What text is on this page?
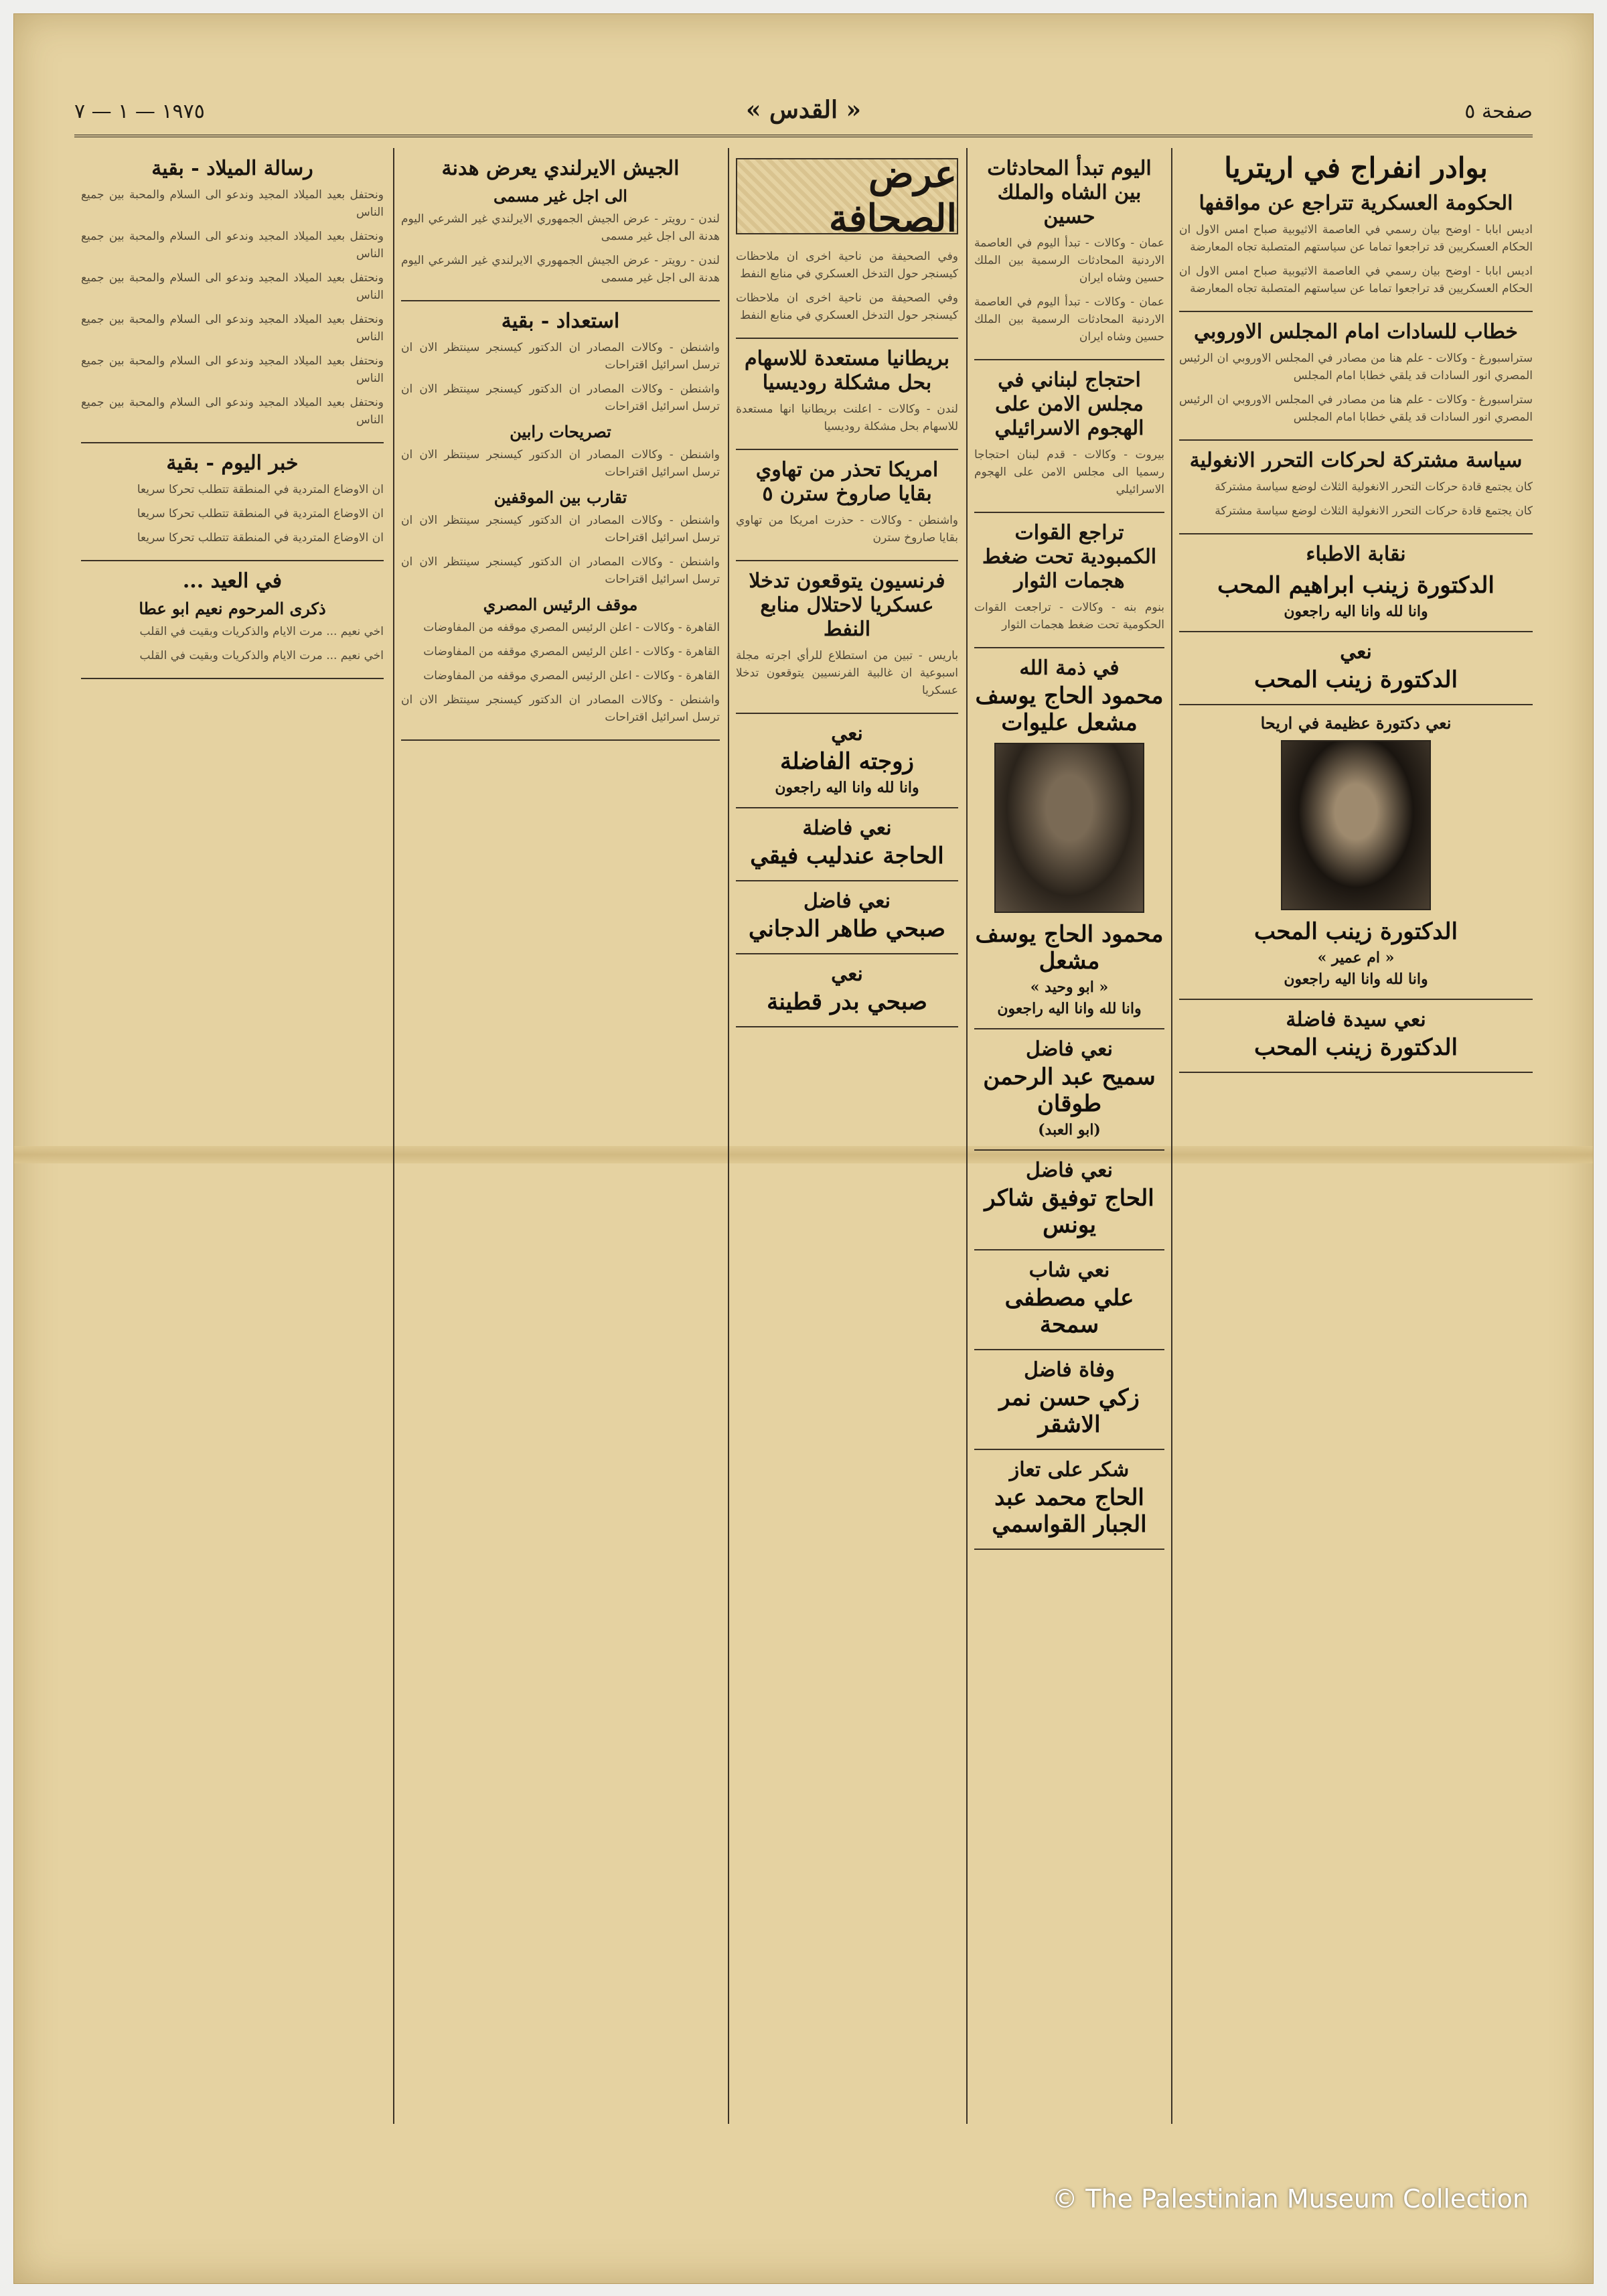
صفحة ٥
« القدس »
١٩٧٥ — ١ — ٧
بوادر انفراج في اريتريا
الحكومة العسكرية تتراجع عن مواقفها

اديس ابابا - اوضح بيان رسمي في العاصمة الاثيوبية صباح امس الاول ان الحكام العسكريين قد تراجعوا تماما عن سياستهم المتصلبة تجاه المعارضة

اديس ابابا - اوضح بيان رسمي في العاصمة الاثيوبية صباح امس الاول ان الحكام العسكريين قد تراجعوا تماما عن سياستهم المتصلبة تجاه المعارضة

خطاب للسادات امام المجلس الاوروبي

ستراسبورغ - وكالات - علم هنا من مصادر في المجلس الاوروبي ان الرئيس المصري انور السادات قد يلقي خطابا امام المجلس

ستراسبورغ - وكالات - علم هنا من مصادر في المجلس الاوروبي ان الرئيس المصري انور السادات قد يلقي خطابا امام المجلس

سياسة مشتركة لحركات التحرر الانغولية

كان يجتمع قادة حركات التحرر الانغولية الثلاث لوضع سياسة مشتركة

كان يجتمع قادة حركات التحرر الانغولية الثلاث لوضع سياسة مشتركة

نقابة الاطباء
الدكتورة زينب ابراهيم المحب
وانا لله وانا اليه راجعون
نعي
الدكتورة زينب المحب
نعي دكتورة عظيمة في اريحا
الدكتورة زينب المحب
« ام عمير »
وانا لله وانا اليه راجعون
نعي سيدة فاضلة
الدكتورة زينب المحب
اليوم تبدأ المحادثات بين الشاه والملك حسين

عمان - وكالات - تبدأ اليوم في العاصمة الاردنية المحادثات الرسمية بين الملك حسين وشاه ايران

عمان - وكالات - تبدأ اليوم في العاصمة الاردنية المحادثات الرسمية بين الملك حسين وشاه ايران

احتجاج لبناني في مجلس الامن على الهجوم الاسرائيلي

بيروت - وكالات - قدم لبنان احتجاجا رسميا الى مجلس الامن على الهجوم الاسرائيلي

تراجع القوات الكمبودية تحت ضغط هجمات الثوار

بنوم بنه - وكالات - تراجعت القوات الحكومية تحت ضغط هجمات الثوار

في ذمة الله
محمود الحاج يوسف مشعل عليوات
محمود الحاج يوسف مشعل
« ابو وحيد »
وانا لله وانا اليه راجعون
نعي فاضل
سميح عبد الرحمن طوقان
(ابو العبد)
نعي فاضل
الحاج توفيق شاكر يونس
نعي شاب
علي مصطفى سمحة
وفاة فاضل
زكي حسن نمر الاشقر
شكر على تعاز
الحاج محمد عبد الجبار القواسمي
عرض الصحافة

وفي الصحيفة من ناحية اخرى ان ملاحظات كيسنجر حول التدخل العسكري في منابع النفط

وفي الصحيفة من ناحية اخرى ان ملاحظات كيسنجر حول التدخل العسكري في منابع النفط

بريطانيا مستعدة للاسهام بحل مشكلة روديسيا

لندن - وكالات - اعلنت بريطانيا انها مستعدة للاسهام بحل مشكلة روديسيا

امريكا تحذر من تهاوي بقايا صاروخ سترن ٥

واشنطن - وكالات - حذرت امريكا من تهاوي بقايا صاروخ سترن

فرنسيون يتوقعون تدخلا عسكريا لاحتلال منابع النفط

باريس - تبين من استطلاع للرأي اجرته مجلة اسبوعية ان غالبية الفرنسيين يتوقعون تدخلا عسكريا

نعي
زوجته الفاضلة
وانا لله وانا اليه راجعون
نعي فاضلة
الحاجة عندليب فيقي
نعي فاضل
صبحي طاهر الدجاني
نعي
صبحي بدر قطينة
الجيش الايرلندي يعرض هدنة
الى اجل غير مسمى

لندن - رويتر - عرض الجيش الجمهوري الايرلندي غير الشرعي اليوم هدنة الى اجل غير مسمى

لندن - رويتر - عرض الجيش الجمهوري الايرلندي غير الشرعي اليوم هدنة الى اجل غير مسمى

استعداد - بقية

واشنطن - وكالات المصادر ان الدكتور كيسنجر سينتظر الان ان ترسل اسرائيل اقتراحات

واشنطن - وكالات المصادر ان الدكتور كيسنجر سينتظر الان ان ترسل اسرائيل اقتراحات

تصريحات رابين

واشنطن - وكالات المصادر ان الدكتور كيسنجر سينتظر الان ان ترسل اسرائيل اقتراحات

تقارب بين الموقفين

واشنطن - وكالات المصادر ان الدكتور كيسنجر سينتظر الان ان ترسل اسرائيل اقتراحات

واشنطن - وكالات المصادر ان الدكتور كيسنجر سينتظر الان ان ترسل اسرائيل اقتراحات

موقف الرئيس المصري

القاهرة - وكالات - اعلن الرئيس المصري موقفه من المفاوضات

القاهرة - وكالات - اعلن الرئيس المصري موقفه من المفاوضات

القاهرة - وكالات - اعلن الرئيس المصري موقفه من المفاوضات

واشنطن - وكالات المصادر ان الدكتور كيسنجر سينتظر الان ان ترسل اسرائيل اقتراحات

رسالة الميلاد - بقية

ونحتفل بعيد الميلاد المجيد وندعو الى السلام والمحبة بين جميع الناس

ونحتفل بعيد الميلاد المجيد وندعو الى السلام والمحبة بين جميع الناس

ونحتفل بعيد الميلاد المجيد وندعو الى السلام والمحبة بين جميع الناس

ونحتفل بعيد الميلاد المجيد وندعو الى السلام والمحبة بين جميع الناس

ونحتفل بعيد الميلاد المجيد وندعو الى السلام والمحبة بين جميع الناس

ونحتفل بعيد الميلاد المجيد وندعو الى السلام والمحبة بين جميع الناس

خبر اليوم - بقية

ان الاوضاع المتردية في المنطقة تتطلب تحركا سريعا

ان الاوضاع المتردية في المنطقة تتطلب تحركا سريعا

ان الاوضاع المتردية في المنطقة تتطلب تحركا سريعا

في العيد ...
ذكرى المرحوم نعيم ابو عطا

اخي نعيم ... مرت الايام والذكريات وبقيت في القلب

اخي نعيم ... مرت الايام والذكريات وبقيت في القلب

© The Palestinian Museum Collection
